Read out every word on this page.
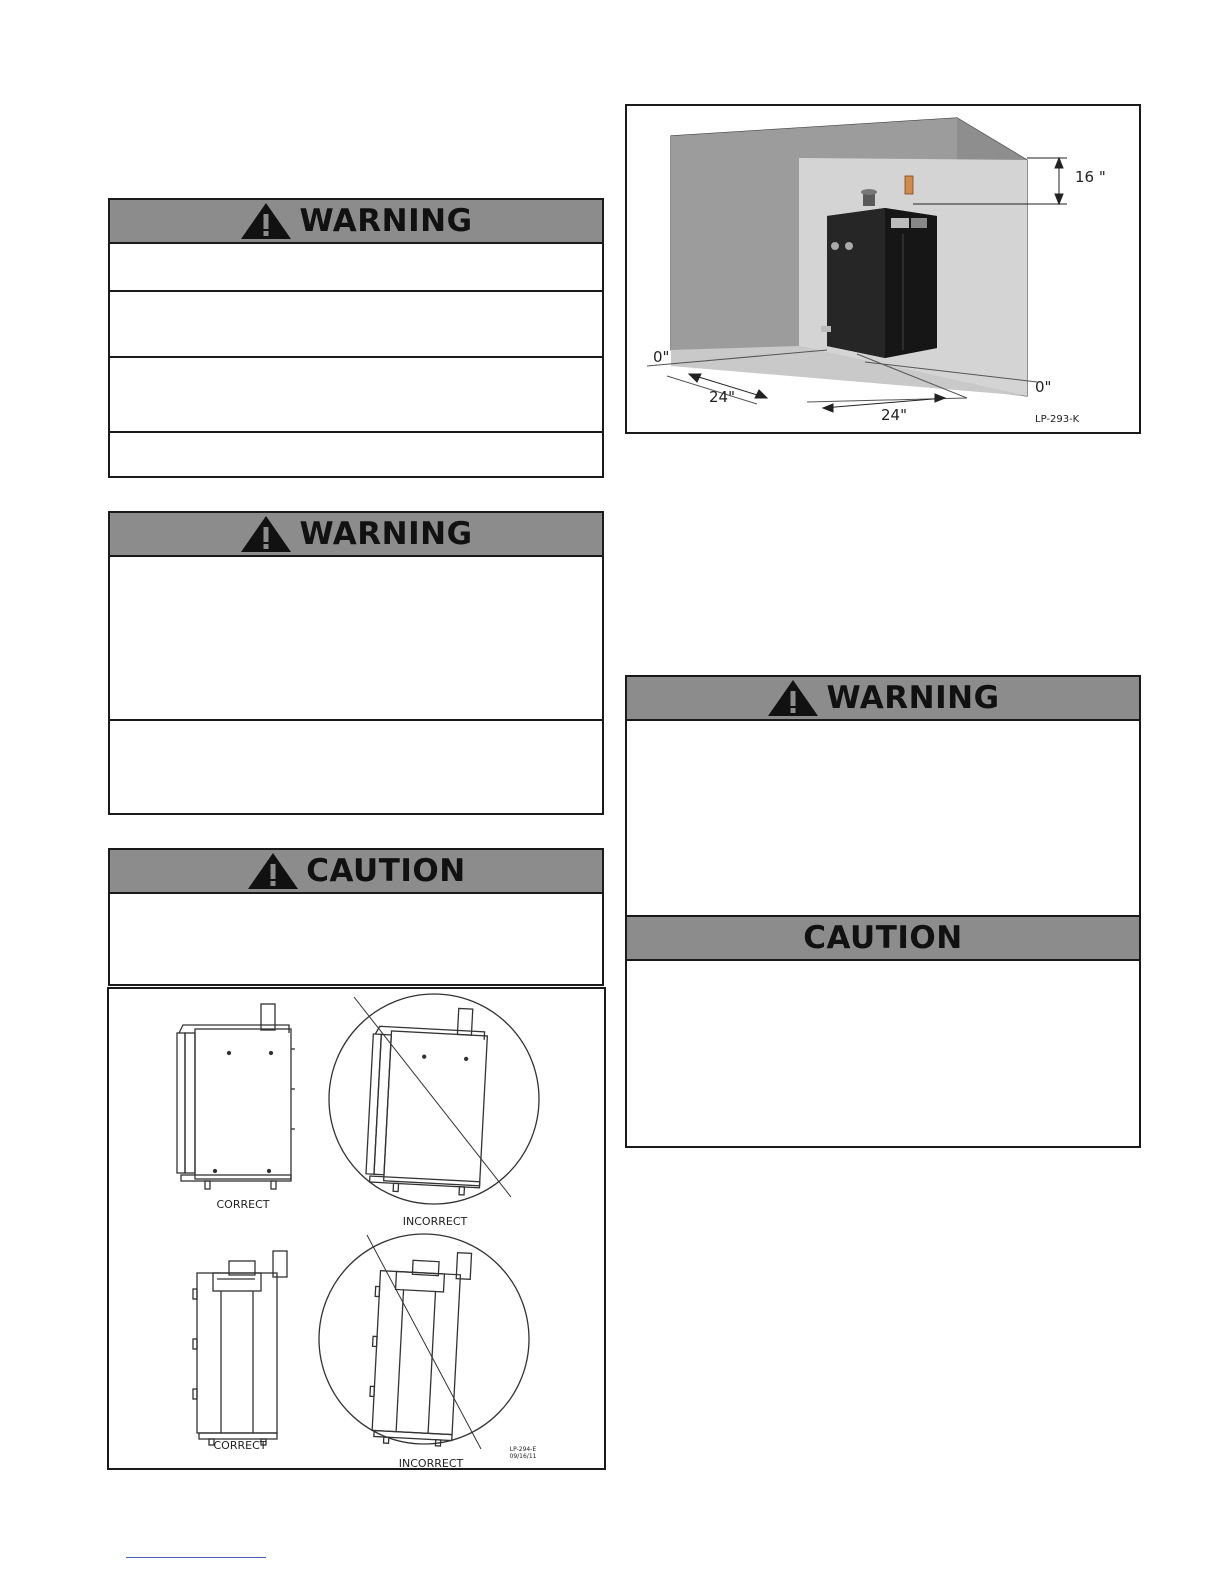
WARNING
WARNING
CAUTION
CORRECT
INCORRECT
CORRECT
INCORRECT
LP-294-E
09/16/11
16 "
0"
0"
24"
24"	LP-293-K
WARNING
CAUTION
